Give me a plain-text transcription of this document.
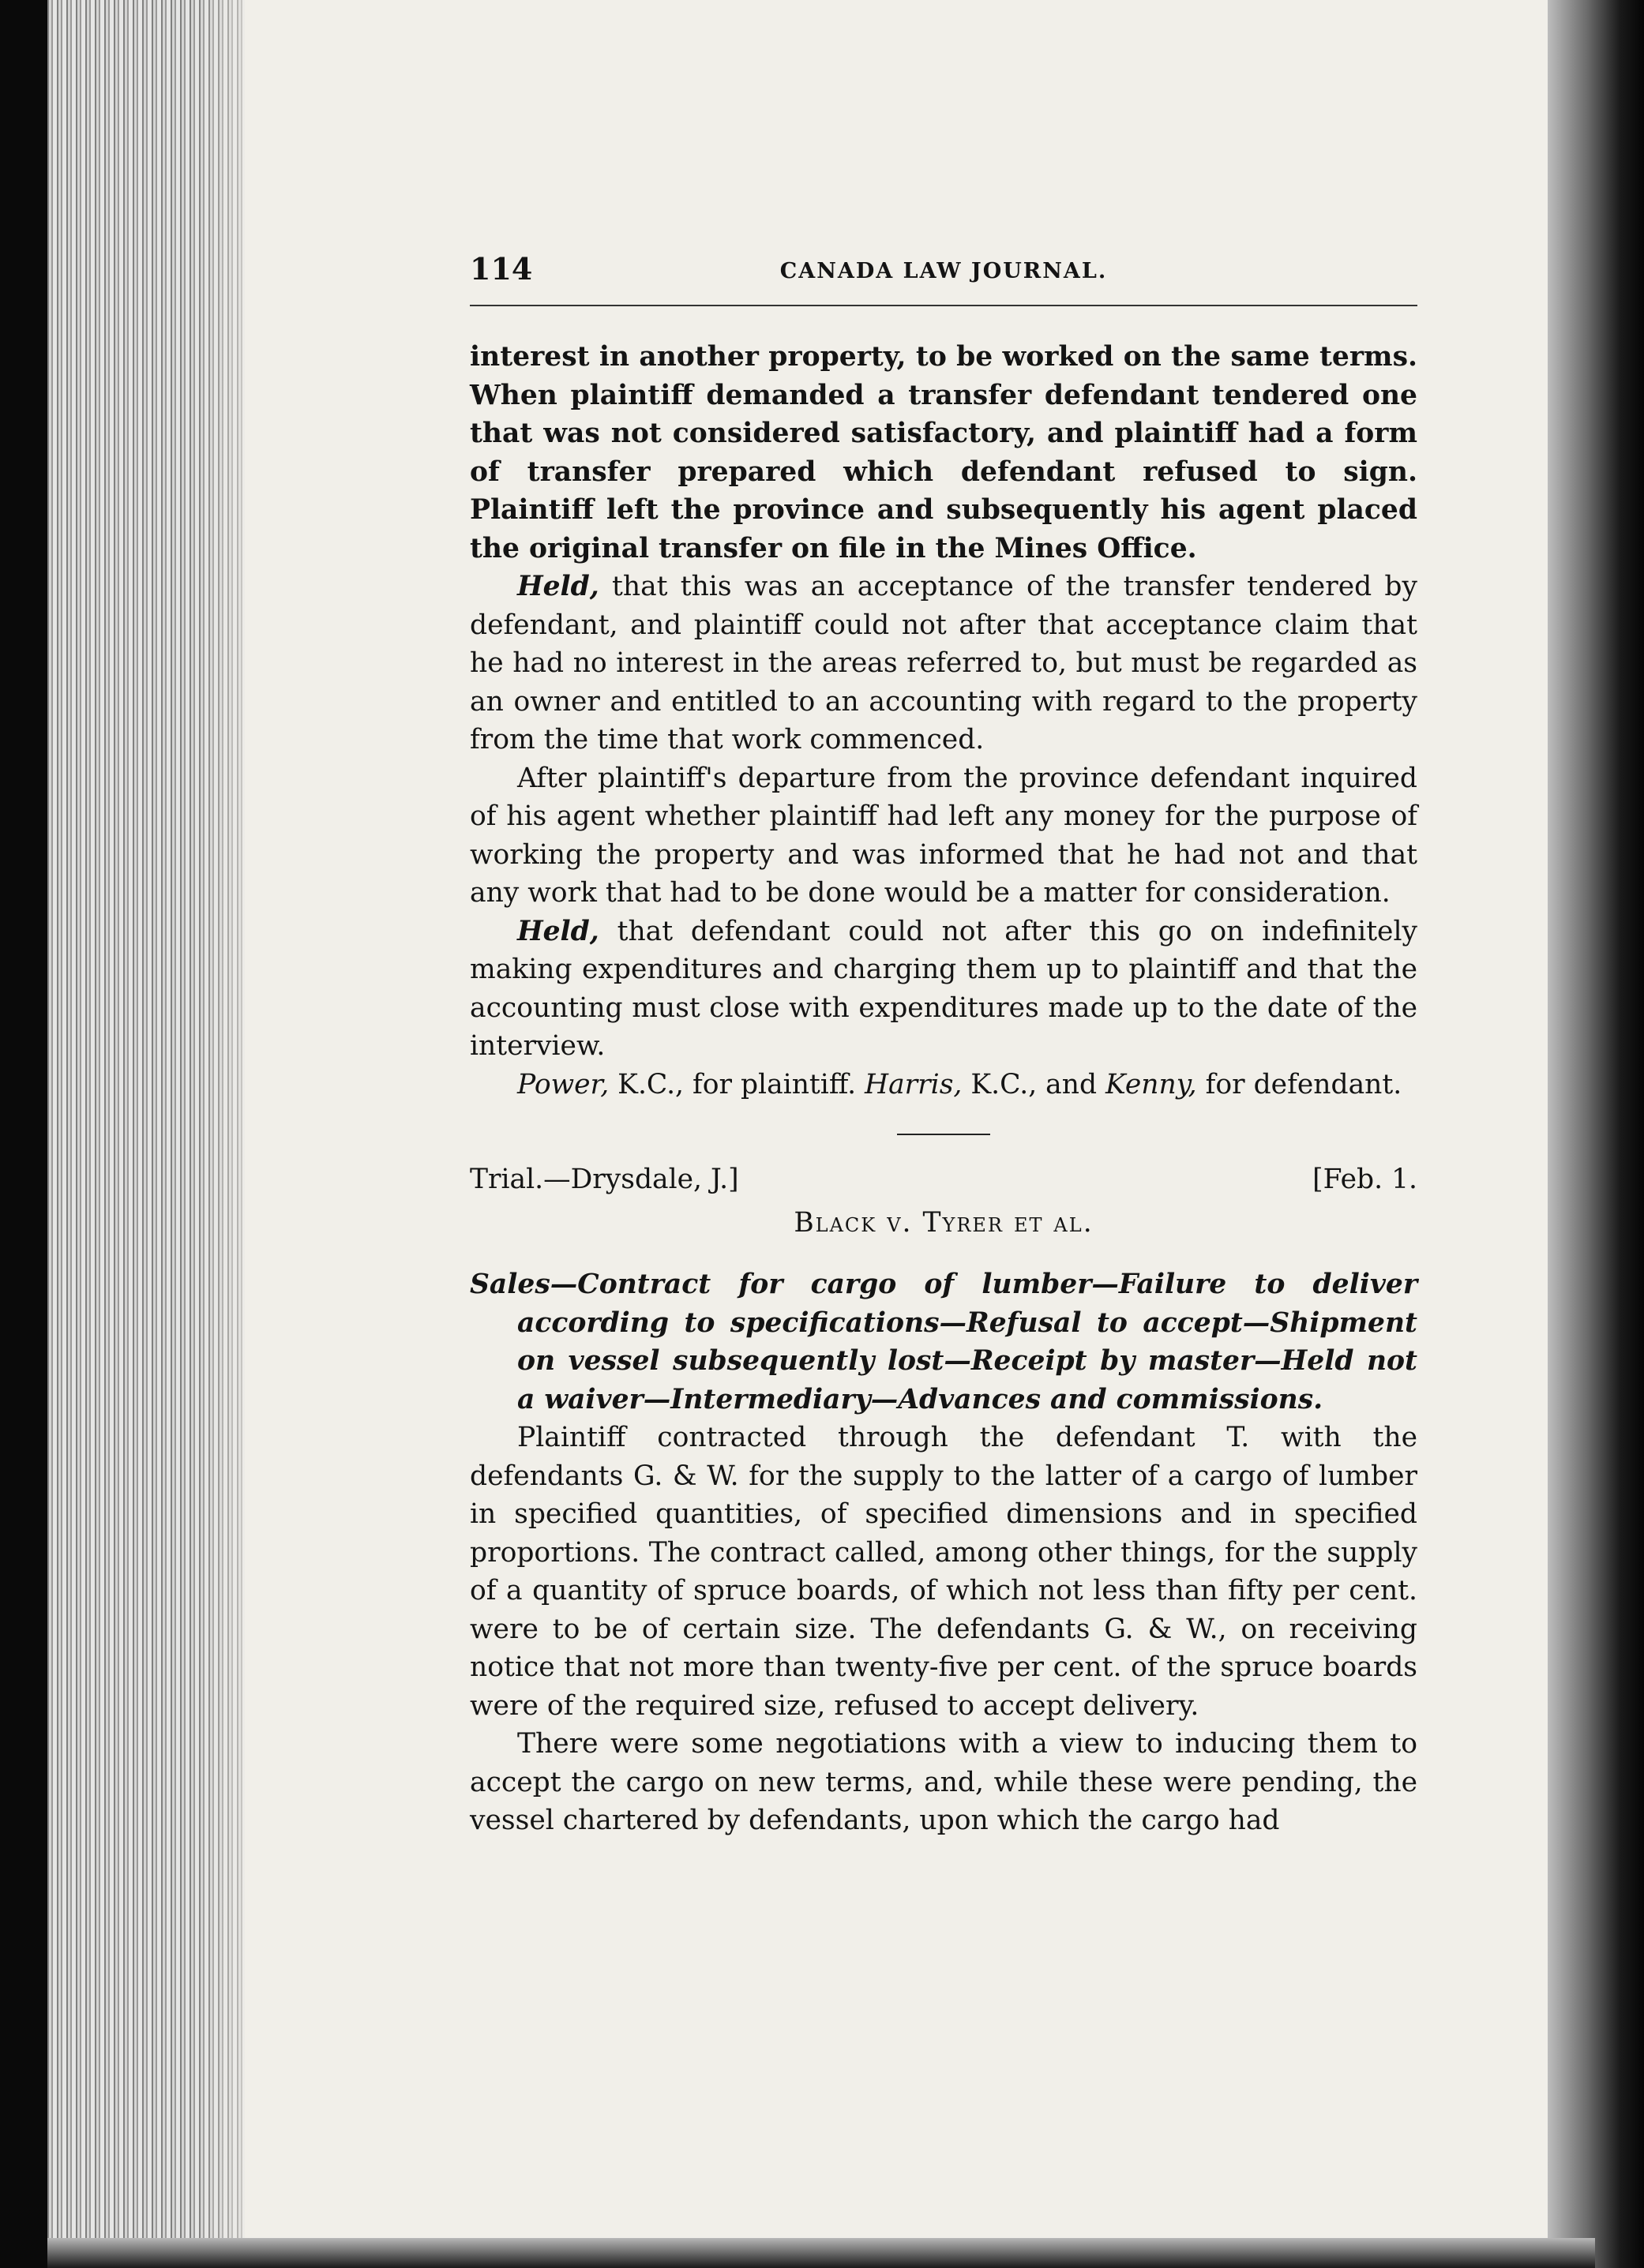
114	CANADA LAW JOURNAL.

interest in another property, to be worked on the same terms. When plaintiff demanded a transfer defendant tendered one that was not considered satisfactory, and plaintiff had a form of transfer prepared which defendant refused to sign. Plaintiff left the province and subsequently his agent placed the original transfer on file in the Mines Office.

Held, that this was an acceptance of the transfer tendered by defendant, and plaintiff could not after that acceptance claim that he had no interest in the areas referred to, but must be regarded as an owner and entitled to an accounting with regard to the property from the time that work commenced.

After plaintiff's departure from the province defendant inquired of his agent whether plaintiff had left any money for the purpose of working the property and was informed that he had not and that any work that had to be done would be a matter for consideration.

Held, that defendant could not after this go on indefinitely making expenditures and charging them up to plaintiff and that the accounting must close with expenditures made up to the date of the interview.

Power, K.C., for plaintiff. Harris, K.C., and Kenny, for defendant.

Trial.—Drysdale, J.]	[Feb. 1.
Black v. Tyrer et al.

Sales—Contract for cargo of lumber—Failure to deliver according to specifications—Refusal to accept—Shipment on vessel subsequently lost—Receipt by master—Held not a waiver—Intermediary—Advances and commissions.

Plaintiff contracted through the defendant T. with the defendants G. & W. for the supply to the latter of a cargo of lumber in specified quantities, of specified dimensions and in specified proportions. The contract called, among other things, for the supply of a quantity of spruce boards, of which not less than fifty per cent. were to be of certain size. The defendants G. & W., on receiving notice that not more than twenty-five per cent. of the spruce boards were of the required size, refused to accept delivery.

There were some negotiations with a view to inducing them to accept the cargo on new terms, and, while these were pending, the vessel chartered by defendants, upon which the cargo had
